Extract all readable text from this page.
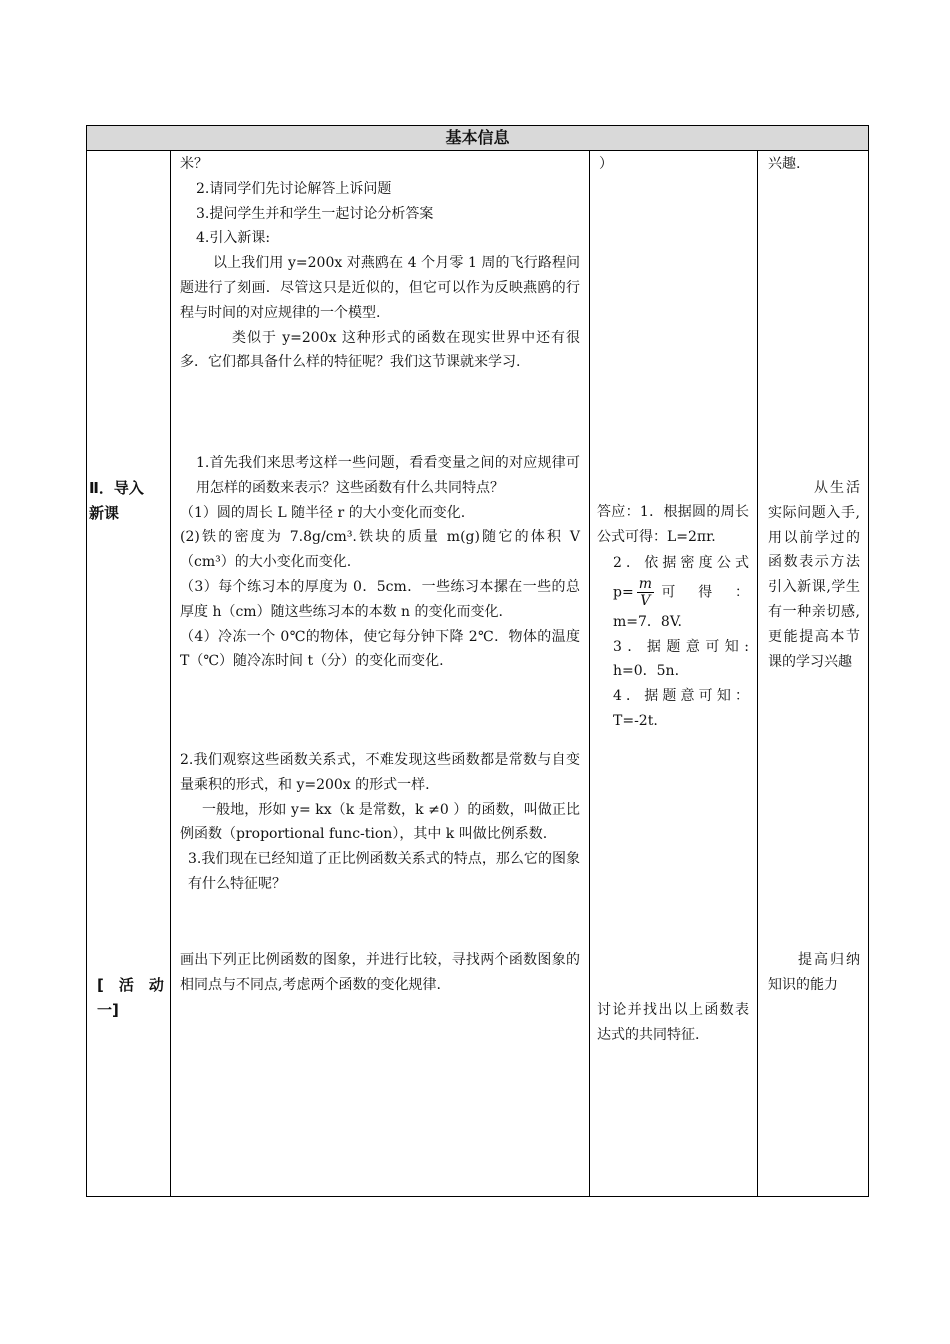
基本信息
Ⅱ．导入
新课
[　活　动
一]

米？

2.请同学们先讨论解答上诉问题

3.提问学生并和学生一起讨论分析答案

4.引入新课:

以上我们用 y=200x 对燕鸥在 4 个月零 1 周的飞行路程问题进行了刻画．尽管这只是近似的，但它可以作为反映燕鸥的行程与时间的对应规律的一个模型.

类似于 y=200x 这种形式的函数在现实世界中还有很多．它们都具备什么样的特征呢？我们这节课就来学习.

1.首先我们来思考这样一些问题，看看变量之间的对应规律可用怎样的函数来表示？这些函数有什么共同特点？

（1）圆的周长 L 随半径 r 的大小变化而变化.

(2)铁的密度为 7.8g/cm³.铁块的质量 m(g)随它的体积 V（cm³）的大小变化而变化.

（3）每个练习本的厚度为 0．5cm．一些练习本摞在一些的总厚度 h（cm）随这些练习本的本数 n 的变化而变化.

（4）冷冻一个 0℃的物体，使它每分钟下降 2℃．物体的温度 T（℃）随冷冻时间 t（分）的变化而变化.

2.我们观察这些函数关系式，不难发现这些函数都是常数与自变量乘积的形式，和 y=200x 的形式一样.

一般地，形如 y= kx（k 是常数，k ≠0 ）的函数，叫做正比例函数（proportional func-tion），其中 k 叫做比例系数.

3.我们现在已经知道了正比例函数关系式的特点，那么它的图象有什么特征呢？

画出下列正比例函数的图象，并进行比较，寻找两个函数图象的相同点与不同点,考虑两个函数的变化规律.

）

答应：1．根据圆的周长公式可得：L=2πr.

2．依据密度公式　$p= \frac{m}{V}$ 可　得　：m=7．8V.

3．据题意可知:　h=0．5n.

4．据题意可知：T=-2t.

讨论并找出以上函数表达式的共同特征.

兴趣.

从生活实际问题入手,用以前学过的函数表示方法引入新课,学生有一种亲切感,更能提高本节课的学习兴趣

提高归纳知识的能力
